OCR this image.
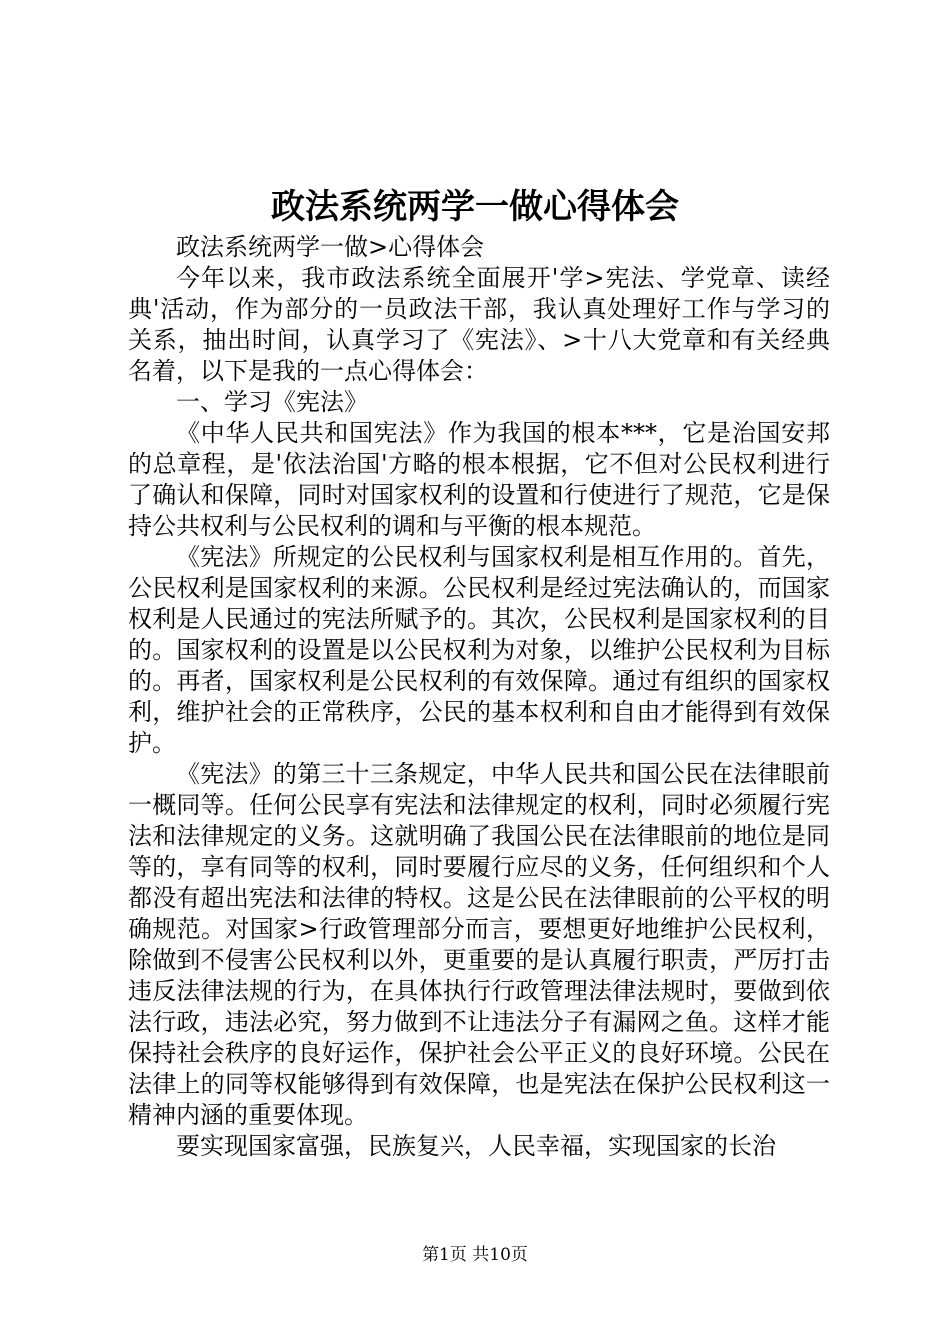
政法系统两学一做心得体会

政法系统两学一做>心得体会

今年以来，我市政法系统全面展开'学>宪法、学党章、读经典'活动，作为部分的一员政法干部，我认真处理好工作与学习的关系，抽出时间，认真学习了《宪法》、>十八大党章和有关经典名着，以下是我的一点心得体会：

一、学习《宪法》

《中华人民共和国宪法》作为我国的根本***，它是治国安邦的总章程，是'依法治国'方略的根本根据，它不但对公民权利进行了确认和保障，同时对国家权利的设置和行使进行了规范，它是保持公共权利与公民权利的调和与平衡的根本规范。

《宪法》所规定的公民权利与国家权利是相互作用的。首先，公民权利是国家权利的来源。公民权利是经过宪法确认的，而国家权利是人民通过的宪法所赋予的。其次，公民权利是国家权利的目的。国家权利的设置是以公民权利为对象，以维护公民权利为目标的。再者，国家权利是公民权利的有效保障。通过有组织的国家权利，维护社会的正常秩序，公民的基本权利和自由才能得到有效保护。

《宪法》的第三十三条规定，中华人民共和国公民在法律眼前一概同等。任何公民享有宪法和法律规定的权利，同时必须履行宪法和法律规定的义务。这就明确了我国公民在法律眼前的地位是同等的，享有同等的权利，同时要履行应尽的义务，任何组织和个人都没有超出宪法和法律的特权。这是公民在法律眼前的公平权的明确规范。对国家>行政管理部分而言，要想更好地维护公民权利，除做到不侵害公民权利以外，更重要的是认真履行职责，严厉打击违反法律法规的行为，在具体执行行政管理法律法规时，要做到依法行政，违法必究，努力做到不让违法分子有漏网之鱼。这样才能保持社会秩序的良好运作，保护社会公平正义的良好环境。公民在法律上的同等权能够得到有效保障，也是宪法在保护公民权利这一精神内涵的重要体现。

要实现国家富强，民族复兴，人民幸福，实现国家的长治

第1页 共10页
